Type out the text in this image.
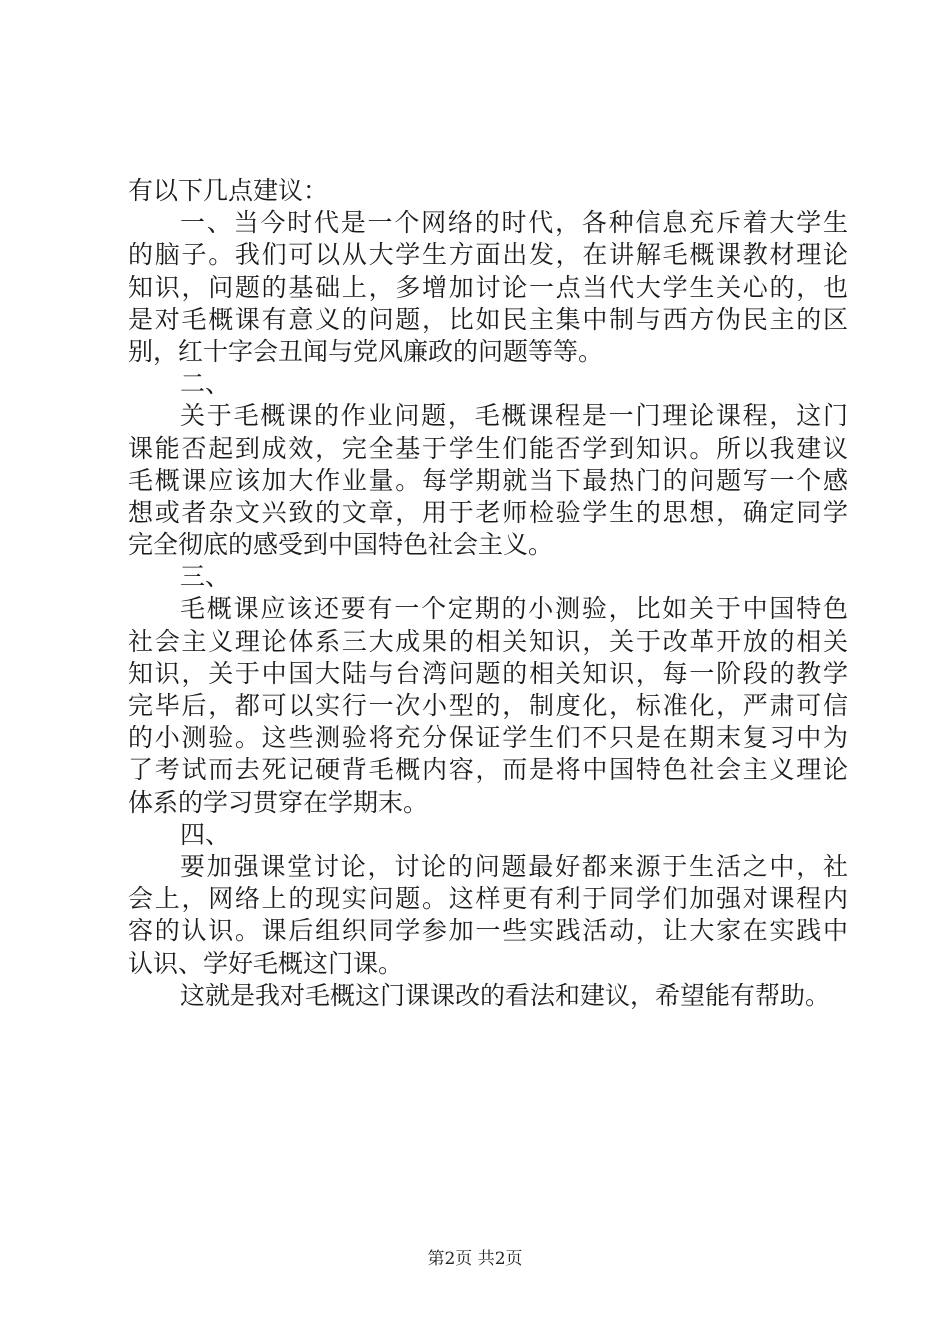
有以下几点建议：
一、当今时代是一个网络的时代，各种信息充斥着大学生
的脑子。我们可以从大学生方面出发，在讲解毛概课教材理论
知识，问题的基础上，多增加讨论一点当代大学生关心的，也
是对毛概课有意义的问题，比如民主集中制与西方伪民主的区
别，红十字会丑闻与党风廉政的问题等等。
二、
关于毛概课的作业问题，毛概课程是一门理论课程，这门
课能否起到成效，完全基于学生们能否学到知识。所以我建议
毛概课应该加大作业量。每学期就当下最热门的问题写一个感
想或者杂文兴致的文章，用于老师检验学生的思想，确定同学
完全彻底的感受到中国特色社会主义。
三、
毛概课应该还要有一个定期的小测验，比如关于中国特色
社会主义理论体系三大成果的相关知识，关于改革开放的相关
知识，关于中国大陆与台湾问题的相关知识，每一阶段的教学
完毕后，都可以实行一次小型的，制度化，标准化，严肃可信
的小测验。这些测验将充分保证学生们不只是在期末复习中为
了考试而去死记硬背毛概内容，而是将中国特色社会主义理论
体系的学习贯穿在学期末。
四、
要加强课堂讨论，讨论的问题最好都来源于生活之中，社
会上，网络上的现实问题。这样更有利于同学们加强对课程内
容的认识。课后组织同学参加一些实践活动，让大家在实践中
认识、学好毛概这门课。
这就是我对毛概这门课课改的看法和建议，希望能有帮助。
第2页 共2页
